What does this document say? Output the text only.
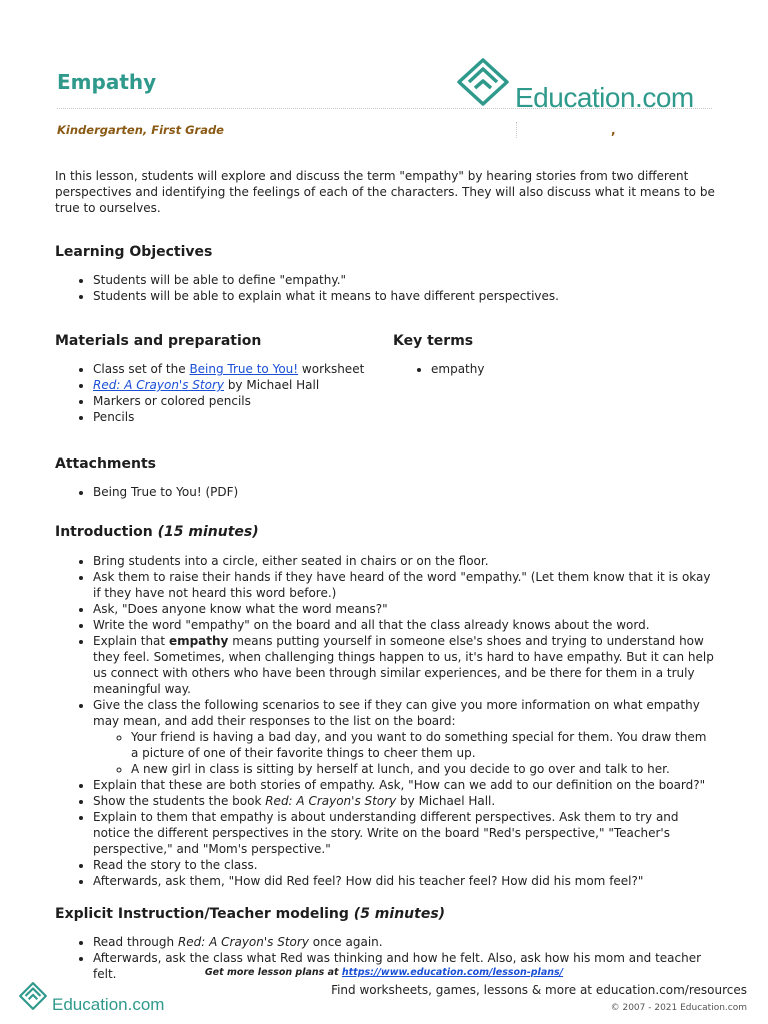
Empathy	Education.com
Kindergarten, First Grade	,

In this lesson, students will explore and discuss the term "empathy" by hearing stories from two different perspectives and identifying the feelings of each of the characters. They will also discuss what it means to be true to ourselves.

Learning Objectives
• Students will be able to define "empathy."
• Students will be able to explain what it means to have different perspectives.
Materials and preparation
• Class set of the Being True to You! worksheet
• Red: A Crayon's Story by Michael Hall
• Markers or colored pencils
• Pencils
Key terms
• empathy
Attachments
• Being True to You! (PDF)
Introduction (15 minutes)
• Bring students into a circle, either seated in chairs or on the floor.
• Ask them to raise their hands if they have heard of the word "empathy." (Let them know that it is okay if they have not heard this word before.)
• Ask, "Does anyone know what the word means?"
• Write the word "empathy" on the board and all that the class already knows about the word.
• Explain that empathy means putting yourself in someone else's shoes and trying to understand how they feel. Sometimes, when challenging things happen to us, it's hard to have empathy. But it can help us connect with others who have been through similar experiences, and be there for them in a truly meaningful way.
• Give the class the following scenarios to see if they can give you more information on what empathy may mean, and add their responses to the list on the board:
◦ Your friend is having a bad day, and you want to do something special for them. You draw them a picture of one of their favorite things to cheer them up.
◦ A new girl in class is sitting by herself at lunch, and you decide to go over and talk to her.
• Explain that these are both stories of empathy. Ask, "How can we add to our definition on the board?"
• Show the students the book Red: A Crayon's Story by Michael Hall.
• Explain to them that empathy is about understanding different perspectives. Ask them to try and notice the different perspectives in the story. Write on the board "Red's perspective," "Teacher's perspective," and "Mom's perspective."
• Read the story to the class.
• Afterwards, ask them, "How did Red feel? How did his teacher feel? How did his mom feel?"
Explicit Instruction/Teacher modeling (5 minutes)
• Read through Red: A Crayon's Story once again.
• Afterwards, ask the class what Red was thinking and how he felt. Also, ask how his mom and teacher felt.	Get more lesson plans at https://www.education.com/lesson-plans/
Education.com
Find worksheets, games, lessons & more at education.com/resources
© 2007 - 2021 Education.com
